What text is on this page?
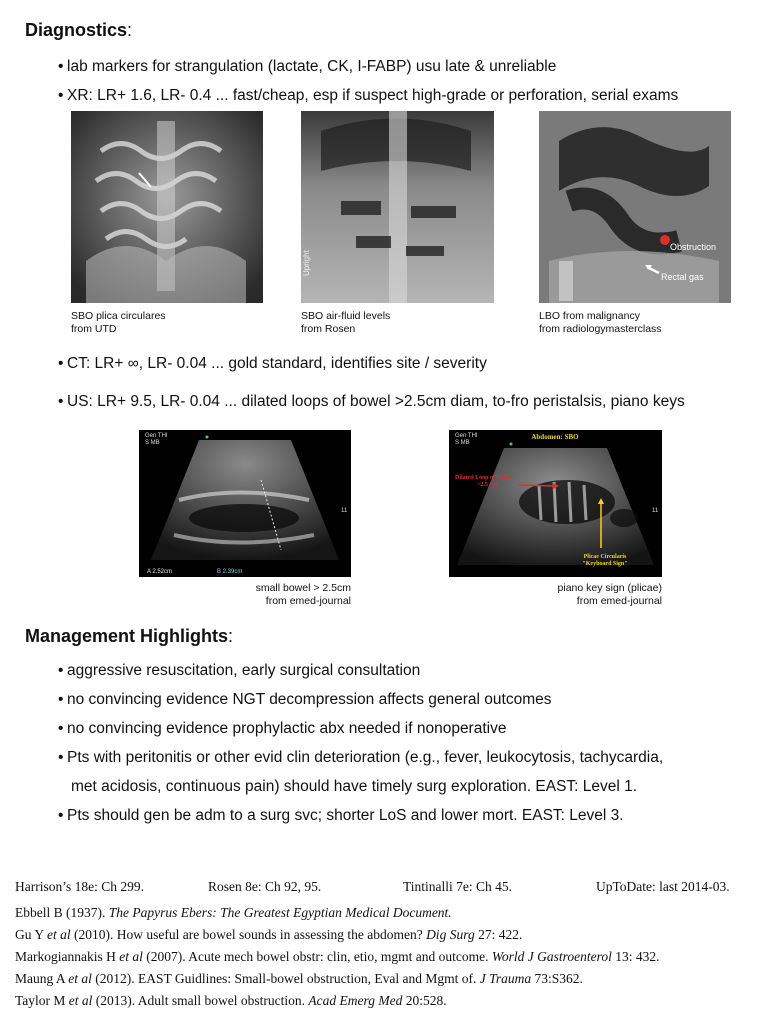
Diagnostics:
• lab markers for strangulation (lactate, CK, I-FABP) usu late & unreliable
• XR: LR+ 1.6, LR- 0.4 ... fast/cheap, esp if suspect high-grade or perforation, serial exams
SBO plica circulares
from UTD
Upright
SBO air-fluid levels
from Rosen
Obstruction
Rectal gas
LBO from malignancy
from radiologymasterclass
• CT: LR+ ∞, LR- 0.04 ... gold standard, identifies site / severity
• US: LR+ 9.5, LR- 0.04 ... dilated loops of bowel >2.5cm diam, to-fro peristalsis, piano keys
Gen THI
S MB
11
A 2.52cm	B 2.39cm
small bowel > 2.5cm
from emed-journal
Abdomen: SBO
Dilated Loop of Bowel
>2.5 cm
Plicae Circularis
"Keyboard Sign"
Gen THI
S MB
11
piano key sign (plicae)
from emed-journal
Management Highlights:
• aggressive resuscitation, early surgical consultation
• no convincing evidence NGT decompression affects general outcomes
• no convincing evidence prophylactic abx needed if nonoperative
• Pts with peritonitis or other evid clin deterioration (e.g., fever, leukocytosis, tachycardia,
met acidosis, continuous pain) should have timely surg exploration. EAST: Level 1.
• Pts should gen be adm to a surg svc; shorter LoS and lower mort. EAST: Level 3.
Harrison’s 18e: Ch 299.	Rosen 8e: Ch 92, 95.	Tintinalli 7e: Ch 45.	UpToDate: last 2014-03.
Ebbell B (1937). The Papyrus Ebers: The Greatest Egyptian Medical Document.
Gu Y et al (2010). How useful are bowel sounds in assessing the abdomen? Dig Surg 27: 422.
Markogiannakis H et al (2007). Acute mech bowel obstr: clin, etio, mgmt and outcome. World J Gastroenterol 13: 432.
Maung A et al (2012). EAST Guidlines: Small-bowel obstruction, Eval and Mgmt of. J Trauma 73:S362.
Taylor M et al (2013). Adult small bowel obstruction. Acad Emerg Med 20:528.
